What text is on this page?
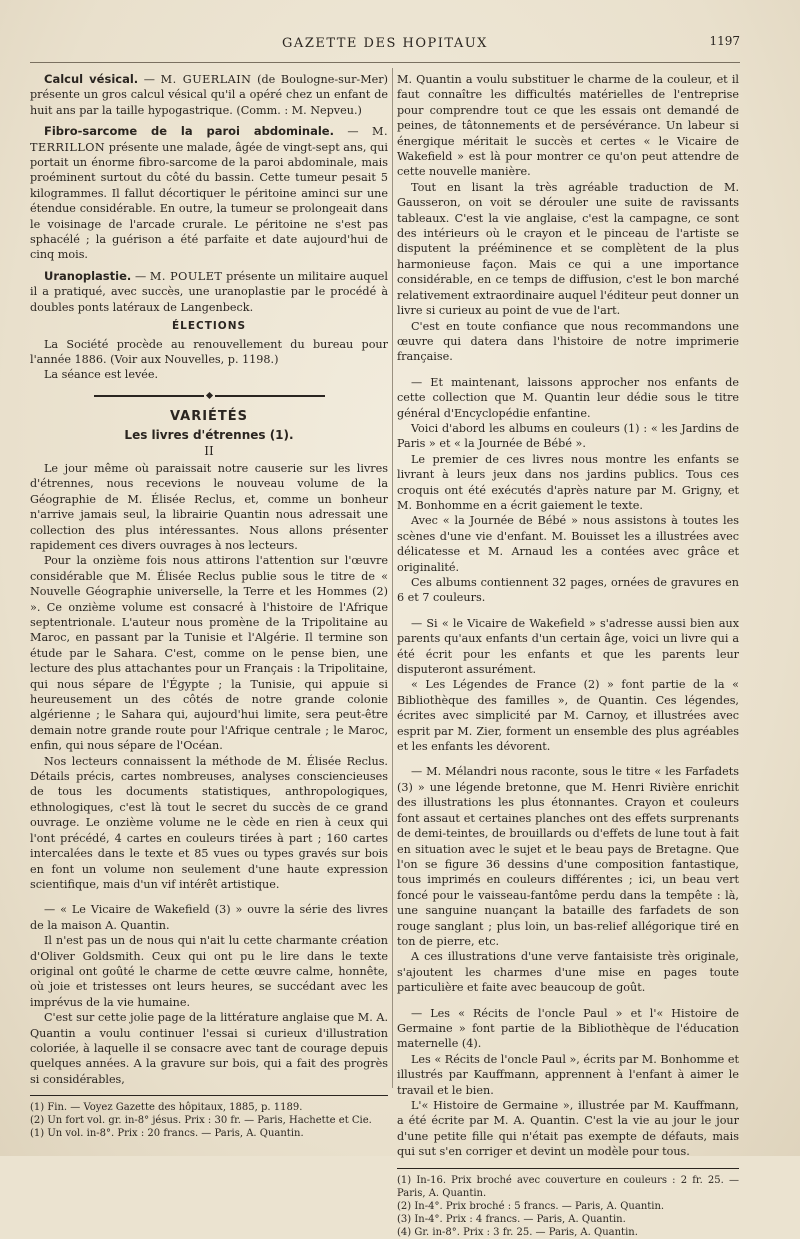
GAZETTE DES HOPITAUX	1197

Calcul vésical. — M. GUERLAIN (de Boulogne-sur-Mer) présente un gros calcul vésical qu'il a opéré chez un enfant de huit ans par la taille hypogastrique. (Comm. : M. Nepveu.)

Fibro-sarcome de la paroi abdominale. — M. TERRILLON présente une malade, âgée de vingt-sept ans, qui portait un énorme fibro-sarcome de la paroi abdominale, mais proéminent surtout du côté du bassin. Cette tumeur pesait 5 kilogrammes. Il fallut décortiquer le péritoine aminci sur une étendue considérable. En outre, la tumeur se prolongeait dans le voisinage de l'arcade crurale. Le péritoine ne s'est pas sphacélé ; la guérison a été parfaite et date aujourd'hui de cinq mois.

Uranoplastie. — M. POULET présente un militaire auquel il a pratiqué, avec succès, une uranoplastie par le procédé à doubles ponts latéraux de Langenbeck.

ÉLECTIONS

La Société procède au renouvellement du bureau pour l'année 1886. (Voir aux Nouvelles, p. 1198.)

La séance est levée.

VARIÉTÉS
Les livres d'étrennes (1).
II

Le jour même où paraissait notre causerie sur les livres d'étrennes, nous recevions le nouveau volume de la Géographie de M. Élisée Reclus, et, comme un bonheur n'arrive jamais seul, la librairie Quantin nous adressait une collection des plus intéressantes. Nous allons présenter rapidement ces divers ouvrages à nos lecteurs.

Pour la onzième fois nous attirons l'attention sur l'œuvre considérable que M. Élisée Reclus publie sous le titre de « Nouvelle Géographie universelle, la Terre et les Hommes (2) ». Ce onzième volume est consacré à l'histoire de l'Afrique septentrionale. L'auteur nous promène de la Tripolitaine au Maroc, en passant par la Tunisie et l'Algérie. Il termine son étude par le Sahara. C'est, comme on le pense bien, une lecture des plus attachantes pour un Français : la Tripolitaine, qui nous sépare de l'Égypte ; la Tunisie, qui appuie si heureusement un des côtés de notre grande colonie algérienne ; le Sahara qui, aujourd'hui limite, sera peut-être demain notre grande route pour l'Afrique centrale ; le Maroc, enfin, qui nous sépare de l'Océan.

Nos lecteurs connaissent la méthode de M. Élisée Reclus. Détails précis, cartes nombreuses, analyses consciencieuses de tous les documents statistiques, anthropologiques, ethnologiques, c'est là tout le secret du succès de ce grand ouvrage. Le onzième volume ne le cède en rien à ceux qui l'ont précédé, 4 cartes en couleurs tirées à part ; 160 cartes intercalées dans le texte et 85 vues ou types gravés sur bois en font un volume non seulement d'une haute expression scientifique, mais d'un vif intérêt artistique.

— « Le Vicaire de Wakefield (3) » ouvre la série des livres de la maison A. Quantin.

Il n'est pas un de nous qui n'ait lu cette charmante création d'Oliver Goldsmith. Ceux qui ont pu le lire dans le texte original ont goûté le charme de cette œuvre calme, honnête, où joie et tristesses ont leurs heures, se succédant avec les imprévus de la vie humaine.

C'est sur cette jolie page de la littérature anglaise que M. A. Quantin a voulu continuer l'essai si curieux d'illustration coloriée, à laquelle il se consacre avec tant de courage depuis quelques années. A la gravure sur bois, qui a fait des progrès si considérables,

(1) Fin. — Voyez Gazette des hôpitaux, 1885, p. 1189.

(2) Un fort vol. gr. in-8° jésus. Prix : 30 fr. — Paris, Hachette et Cie.

(1) Un vol. in-8°. Prix : 20 francs. — Paris, A. Quantin.

M. Quantin a voulu substituer le charme de la couleur, et il faut connaître les difficultés matérielles de l'entreprise pour comprendre tout ce que les essais ont demandé de peines, de tâtonnements et de persévérance. Un labeur si énergique méritait le succès et certes « le Vicaire de Wakefield » est là pour montrer ce qu'on peut attendre de cette nouvelle manière.

Tout en lisant la très agréable traduction de M. Gausseron, on voit se dérouler une suite de ravissants tableaux. C'est la vie anglaise, c'est la campagne, ce sont des intérieurs où le crayon et le pinceau de l'artiste se disputent la prééminence et se complètent de la plus harmonieuse façon. Mais ce qui a une importance considérable, en ce temps de diffusion, c'est le bon marché relativement extraordinaire auquel l'éditeur peut donner un livre si curieux au point de vue de l'art.

C'est en toute confiance que nous recommandons une œuvre qui datera dans l'histoire de notre imprimerie française.

— Et maintenant, laissons approcher nos enfants de cette collection que M. Quantin leur dédie sous le titre général d'Encyclopédie enfantine.

Voici d'abord les albums en couleurs (1) : « les Jardins de Paris » et « la Journée de Bébé ».

Le premier de ces livres nous montre les enfants se livrant à leurs jeux dans nos jardins publics. Tous ces croquis ont été exécutés d'après nature par M. Grigny, et M. Bonhomme en a écrit gaiement le texte.

Avec « la Journée de Bébé » nous assistons à toutes les scènes d'une vie d'enfant. M. Bouisset les a illustrées avec délicatesse et M. Arnaud les a contées avec grâce et originalité.

Ces albums contiennent 32 pages, ornées de gravures en 6 et 7 couleurs.

— Si « le Vicaire de Wakefield » s'adresse aussi bien aux parents qu'aux enfants d'un certain âge, voici un livre qui a été écrit pour les enfants et que les parents leur disputeront assurément.

« Les Légendes de France (2) » font partie de la « Bibliothèque des familles », de Quantin. Ces légendes, écrites avec simplicité par M. Carnoy, et illustrées avec esprit par M. Zier, forment un ensemble des plus agréables et les enfants les dévorent.

— M. Mélandri nous raconte, sous le titre « les Farfadets (3) » une légende bretonne, que M. Henri Rivière enrichit des illustrations les plus étonnantes. Crayon et couleurs font assaut et certaines planches ont des effets surprenants de demi-teintes, de brouillards ou d'effets de lune tout à fait en situation avec le sujet et le beau pays de Bretagne. Que l'on se figure 36 dessins d'une composition fantastique, tous imprimés en couleurs différentes ; ici, un beau vert foncé pour le vaisseau-fantôme perdu dans la tempête : là, une sanguine nuançant la bataille des farfadets de son rouge sanglant ; plus loin, un bas-relief allégorique tiré en ton de pierre, etc.

A ces illustrations d'une verve fantaisiste très originale, s'ajoutent les charmes d'une mise en pages toute particulière et faite avec beaucoup de goût.

— Les « Récits de l'oncle Paul » et l'« Histoire de Germaine » font partie de la Bibliothèque de l'éducation maternelle (4).

Les « Récits de l'oncle Paul », écrits par M. Bonhomme et illustrés par Kauffmann, apprennent à l'enfant à aimer le travail et le bien.

L'« Histoire de Germaine », illustrée par M. Kauffmann, a été écrite par M. A. Quantin. C'est la vie au jour le jour d'une petite fille qui n'était pas exempte de défauts, mais qui sut s'en corriger et devint un modèle pour tous.

(1) In-16. Prix broché avec couverture en couleurs : 2 fr. 25. — Paris, A. Quantin.

(2) In-4°. Prix broché : 5 francs. — Paris, A. Quantin.

(3) In-4°. Prix : 4 francs. — Paris, A. Quantin.

(4) Gr. in-8°. Prix : 3 fr. 25. — Paris, A. Quantin.
